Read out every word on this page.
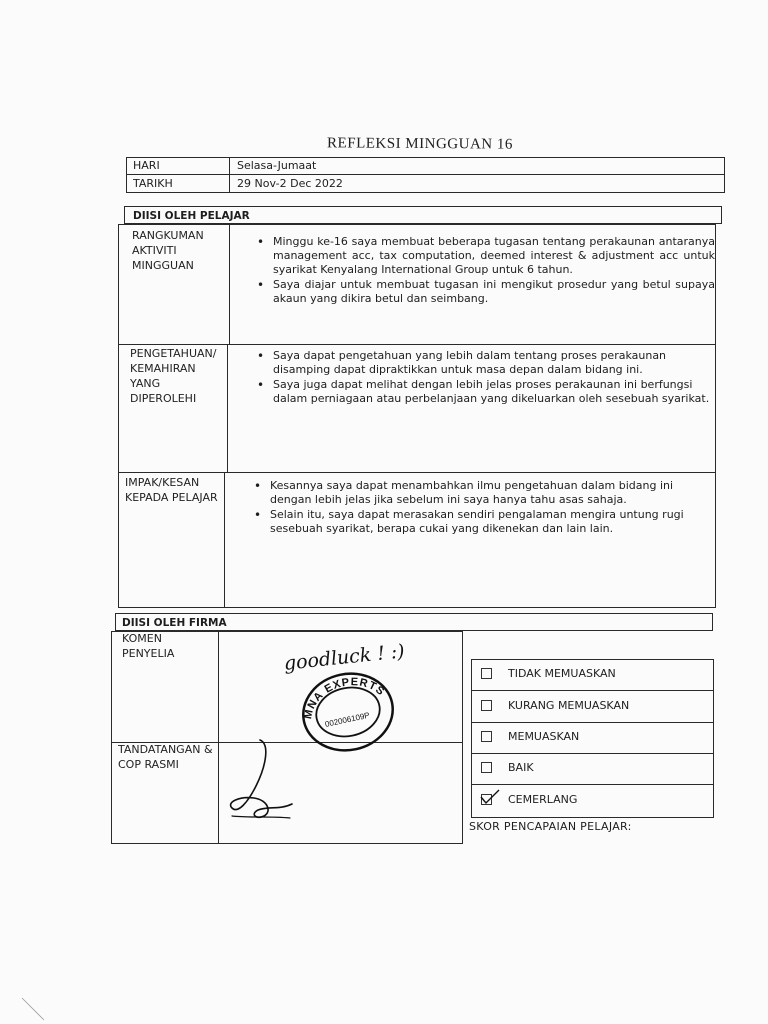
REFLEKSI MINGGUAN 16
HARI	Selasa-Jumaat
TARIKH	29 Nov-2 Dec 2022
DIISI OLEH PELAJAR
RANGKUMAN AKTIVITI MINGGUAN
• Minggu ke-16 saya membuat beberapa tugasan tentang perakaunan antaranya management acc, tax computation, deemed interest & adjustment acc untuk syarikat Kenyalang International Group untuk 6 tahun.
• Saya diajar untuk membuat tugasan ini mengikut prosedur yang betul supaya akaun yang dikira betul dan seimbang.
PENGETAHUAN/ KEMAHIRAN YANG DIPEROLEHI
• Saya dapat pengetahuan yang lebih dalam tentang proses perakaunan disamping dapat dipraktikkan untuk masa depan dalam bidang ini.
• Saya juga dapat melihat dengan lebih jelas proses perakaunan ini berfungsi dalam perniagaan atau perbelanjaan yang dikeluarkan oleh sesebuah syarikat.
IMPAK/KESAN KEPADA PELAJAR
• Kesannya saya dapat menambahkan ilmu pengetahuan dalam bidang ini dengan lebih jelas jika sebelum ini saya hanya tahu asas sahaja.
• Selain itu, saya dapat merasakan sendiri pengalaman mengira untung rugi sesebuah syarikat, berapa cukai yang dikenekan dan lain lain.
DIISI OLEH FIRMA
KOMEN PENYELIA
TANDATANGAN & COP RASMI
goodluck ! :)
MNA EXPERTS
002006109P
TIDAK MEMUASKAN
KURANG MEMUASKAN
MEMUASKAN
BAIK
CEMERLANG
SKOR PENCAPAIAN PELAJAR:
